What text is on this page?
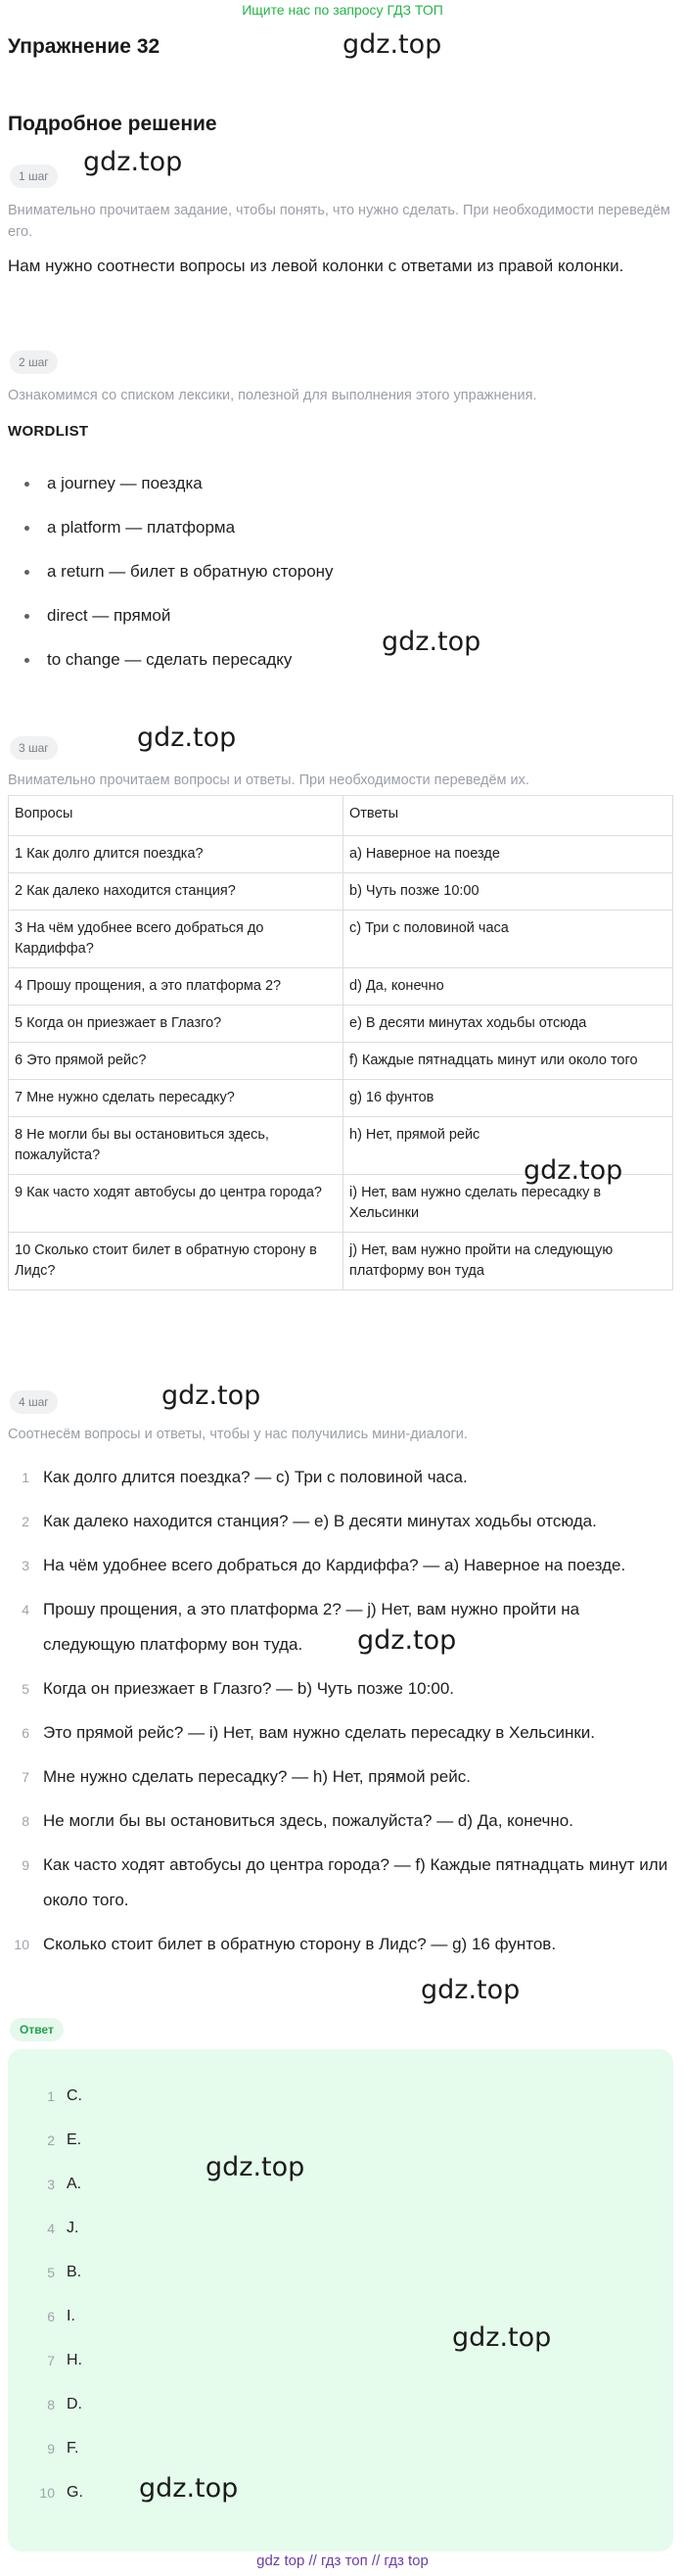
Ищите нас по запросу ГДЗ ТОП
Упражнение 32	gdz.top
Подробное решение
1 шаг	gdz.top
Внимательно прочитаем задание, чтобы понять, что нужно сделать. При необходимости переведём его.
Нам нужно соотнести вопросы из левой колонки с ответами из правой колонки.
2 шаг
Ознакомимся со списком лексики, полезной для выполнения этого упражнения.
WORDLIST
a journey — поездка
a platform — платформа
a return — билет в обратную сторону
direct — прямой
to change — сделать пересадку
gdz.top
gdz.top
3 шаг
Внимательно прочитаем вопросы и ответы. При необходимости переведём их.
Вопросы	Ответы
1 Как долго длится поездка?	a) Наверное на поезде
2 Как далеко находится станция?	b) Чуть позже 10:00
3 На чём удобнее всего добраться до Кардиффа?	c) Три с половиной часа
4 Прошу прощения, а это платформа 2?	d) Да, конечно
5 Когда он приезжает в Глазго?	e) В десяти минутах ходьбы отсюда
6 Это прямой рейс?	f) Каждые пятнадцать минут или около того
7 Мне нужно сделать пересадку?	g) 16 фунтов
8 Не могли бы вы остановиться здесь, пожалуйста?	h) Нет, прямой рейс
9 Как часто ходят автобусы до центра города?	i) Нет, вам нужно сделать пересадку в Хельсинки
10 Сколько стоит билет в обратную сторону в Лидс?	j) Нет, вам нужно пройти на следующую платформу вон туда
gdz.top
4 шаг	gdz.top
Соотнесём вопросы и ответы, чтобы у нас получились мини-диалоги.
1 Как долго длится поездка? — c) Три с половиной часа.
2 Как далеко находится станция? — e) В десяти минутах ходьбы отсюда.
3 На чём удобнее всего добраться до Кардиффа? — a) Наверное на поезде.
4 Прошу прощения, а это платформа 2? — j) Нет, вам нужно пройти на следующую платформу вон туда.
5 Когда он приезжает в Глазго? — b) Чуть позже 10:00.
6 Это прямой рейс? — i) Нет, вам нужно сделать пересадку в Хельсинки.
7 Мне нужно сделать пересадку? — h) Нет, прямой рейс.
8 Не могли бы вы остановиться здесь, пожалуйста? — d) Да, конечно.
9 Как часто ходят автобусы до центра города? — f) Каждые пятнадцать минут или около того.
10 Сколько стоит билет в обратную сторону в Лидс? — g) 16 фунтов.
gdz.top
gdz.top
Ответ
1 C.
2 E.
3 A.
4 J.
5 B.
6 I.
7 H.
8 D.
9 F.
10 G.
gdz.top
gdz.top
gdz.top
gdz top // гдз топ // гдз top
